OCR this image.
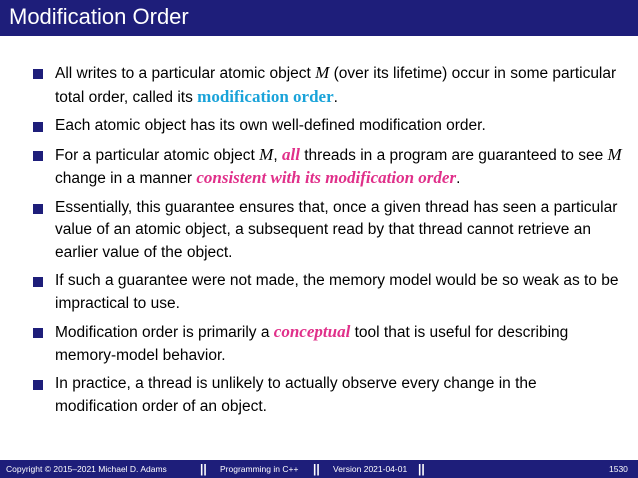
Modification Order
All writes to a particular atomic object M (over its lifetime) occur in some particular total order, called its modification order.
Each atomic object has its own well-defined modification order.
For a particular atomic object M, all threads in a program are guaranteed to see M change in a manner consistent with its modification order.
Essentially, this guarantee ensures that, once a given thread has seen a particular value of an atomic object, a subsequent read by that thread cannot retrieve an earlier value of the object.
If such a guarantee were not made, the memory model would be so weak as to be impractical to use.
Modification order is primarily a conceptual tool that is useful for describing memory-model behavior.
In practice, a thread is unlikely to actually observe every change in the modification order of an object.
Copyright © 2015–2021 Michael D. Adams	|| Programming in C++ || Version 2021-04-01 ||	1530
